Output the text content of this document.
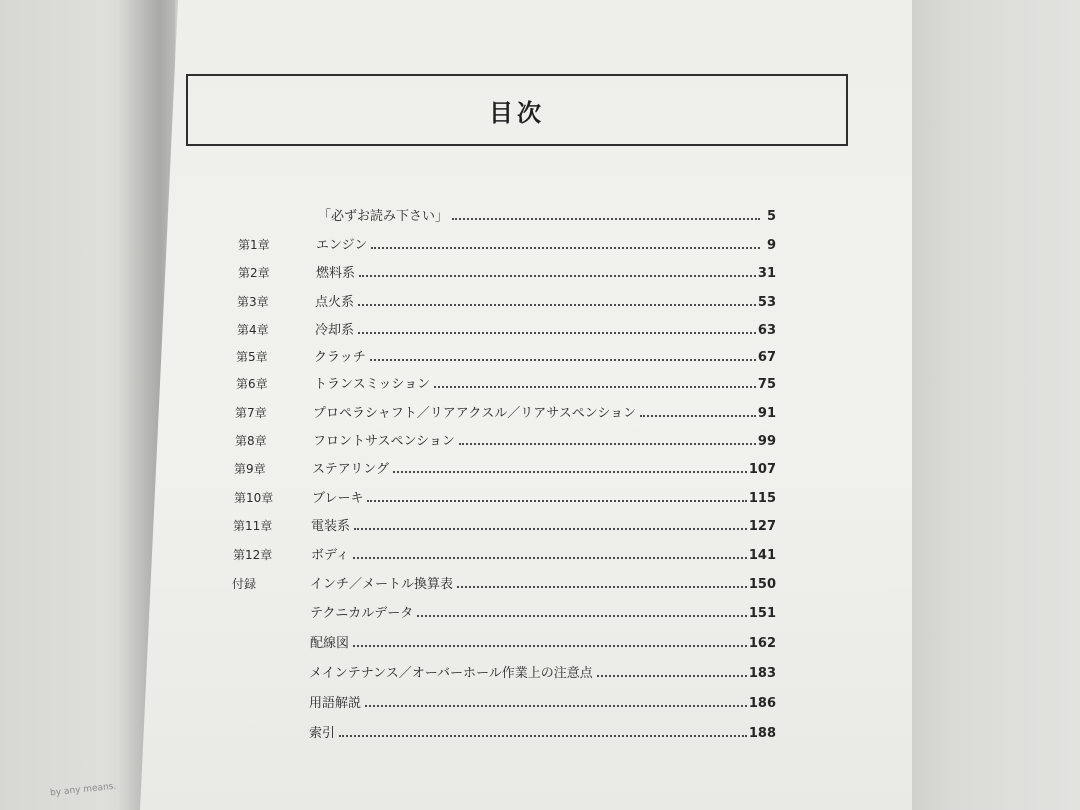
by any means.
目次
「必ずお読み下さい」	5
第1章	エンジン	9
第2章	燃料系	31
第3章	点火系	53
第4章	冷却系	63
第5章	クラッチ	67
第6章	トランスミッション	75
第7章	プロペラシャフト／リアアクスル／リアサスペンション	91
第8章	フロントサスペンション	99
第9章	ステアリング	107
第10章	ブレーキ	115
第11章	電装系	127
第12章	ボディ	141
付録	インチ／メートル換算表	150
テクニカルデータ	151
配線図	162
メインテナンス／オーバーホール作業上の注意点	183
用語解説	186
索引	188
